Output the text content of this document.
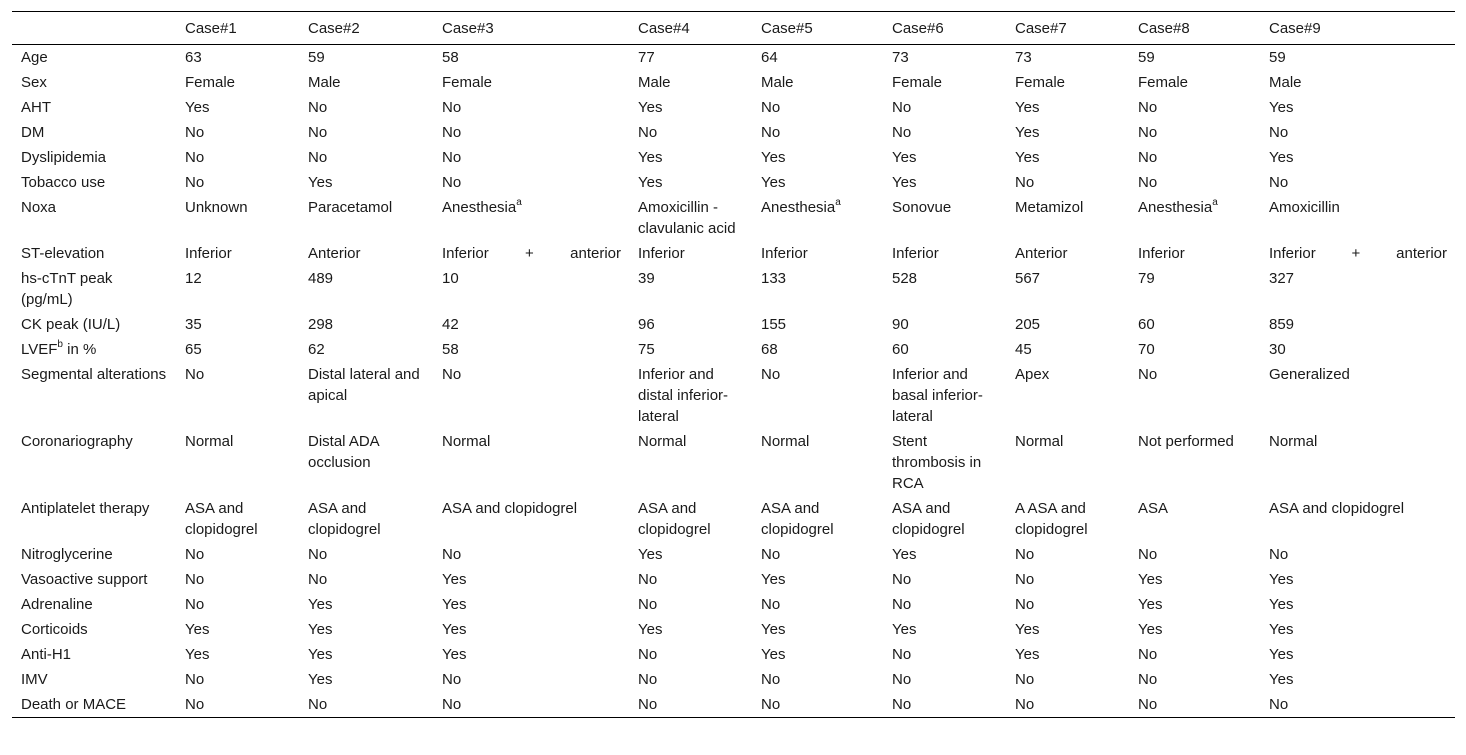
	Case#1	Case#2	Case#3	Case#4	Case#5	Case#6	Case#7	Case#8	Case#9
Age	63	59	58	77	64	73	73	59	59
Sex	Female	Male	Female	Male	Male	Female	Female	Female	Male
AHT	Yes	No	No	Yes	No	No	Yes	No	Yes
DM	No	No	No	No	No	No	Yes	No	No
Dyslipidemia	No	No	No	Yes	Yes	Yes	Yes	No	Yes
Tobacco use	No	Yes	No	Yes	Yes	Yes	No	No	No
Noxa	Unknown	Paracetamol	Anesthesia$^a$	Amoxicillin -clavulanic acid	Anesthesia$^a$	Sonovue	Metamizol	Anesthesia$^a$	Amoxicillin
ST-elevation	Inferior	Anterior	Inferior + anterior	Inferior	Inferior	Inferior	Anterior	Inferior	Inferior + anterior

hs-cTnT peak (pg/mL)	12	489	10	39	133	528	567	79	327
CK peak (IU/L)	35	298	42	96	155	90	205	60	859
LVEF$^b$ in %	65	62	58	75	68	60	45	70	30
Segmental alterations	No	Distal lateral and apical	No	Inferior and distal inferior-lateral	No	Inferior and basal inferior-lateral	Apex	No	Generalized
Coronariography	Normal	Distal ADA occlusion	Normal	Normal	Normal	Stent thrombosis in RCA	Normal	Not performed	Normal
Antiplatelet therapy	ASA and clopidogrel	ASA and clopidogrel	ASA and clopidogrel	ASA and clopidogrel	ASA and clopidogrel	ASA and clopidogrel	A ASA and clopidogrel	ASA	ASA and clopidogrel
Nitroglycerine	No	No	No	Yes	No	Yes	No	No	No
Vasoactive support	No	No	Yes	No	Yes	No	No	Yes	Yes
Adrenaline	No	Yes	Yes	No	No	No	No	Yes	Yes
Corticoids	Yes	Yes	Yes	Yes	Yes	Yes	Yes	Yes	Yes
Anti-H1	Yes	Yes	Yes	No	Yes	No	Yes	No	Yes
IMV	No	Yes	No	No	No	No	No	No	Yes
Death or MACE	No	No	No	No	No	No	No	No	No
